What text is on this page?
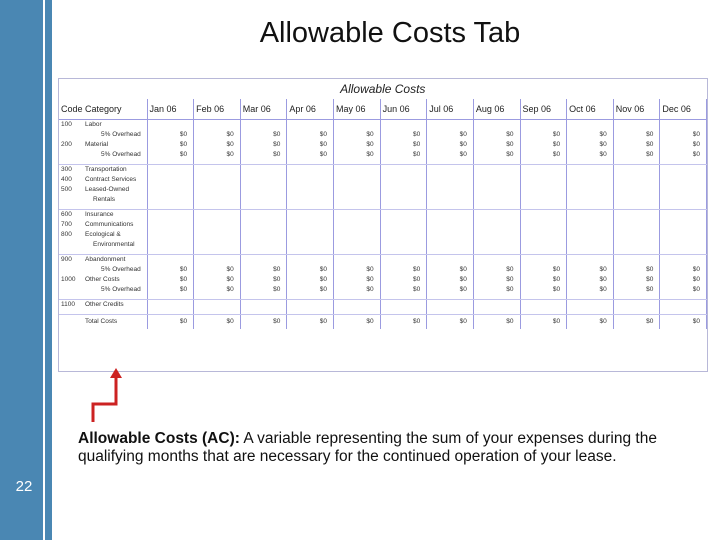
22
Allowable Costs Tab
Allowable Costs													
Code	Category	Jan 06	Feb 06	Mar 06	Apr 06	May 06	Jun 06	Jul 06	Aug 06	Sep 06	Oct 06	Nov 06	Dec 06
100	Labor												
	5% Overhead	$0	$0	$0	$0	$0	$0	$0	$0	$0	$0	$0	$0
200	Material	$0	$0	$0	$0	$0	$0	$0	$0	$0	$0	$0	$0
	5% Overhead	$0	$0	$0	$0	$0	$0	$0	$0	$0	$0	$0	$0

300	Transportation												
400	Contract Services												
500	Leased-Owned												
	Rentals												

600	Insurance												
700	Communications												
800	Ecological &												
	Environmental												

900	Abandonment												
	5% Overhead	$0	$0	$0	$0	$0	$0	$0	$0	$0	$0	$0	$0
1000	Other Costs	$0	$0	$0	$0	$0	$0	$0	$0	$0	$0	$0	$0
	5% Overhead	$0	$0	$0	$0	$0	$0	$0	$0	$0	$0	$0	$0

1100	Other Credits												

	Total Costs	$0	$0	$0	$0	$0	$0	$0	$0	$0	$0	$0	$0
Allowable Costs (AC): A variable representing the sum of your expenses during the qualifying months that are necessary for the continued operation of your lease.
